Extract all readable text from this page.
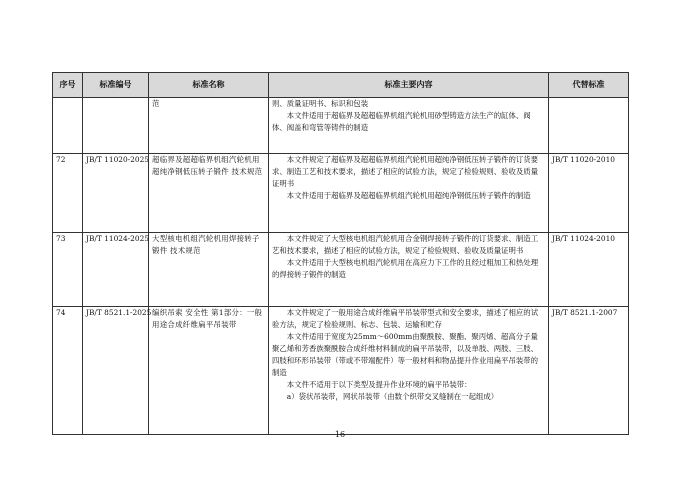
序号	标准编号	标准名称	标准主要内容	代替标准
		范	则、质量证明书、标识和包装

本文件适用于超临界及超超临界机组汽轮机用砂型铸造方法生产的缸体、阀体、阀盖和弯管等铸件的制造	

72	JB/T 11020-2025	超临界及超超临界机组汽轮机用超纯净钢低压转子锻件 技术规范	本文件规定了超临界及超超临界机组汽轮机用超纯净钢低压转子锻件的订货要求、制造工艺和技术要求，描述了相应的试验方法，规定了检验规则、验收及质量证明书

本文件适用于超临界及超超临界机组汽轮机用超纯净钢低压转子锻件的制造	JB/T 11020-2010
73	JB/T 11024-2025	大型核电机组汽轮机用焊接转子锻件 技术规范	本文件规定了大型核电机组汽轮机用合金钢焊接转子锻件的订货要求、制造工艺和技术要求，描述了相应的试验方法，规定了检验规则、验收及质量证明书

本文件适用于大型核电机组汽轮机用在高应力下工作的且经过粗加工和热处理的焊接转子锻件的制造	JB/T 11024-2010
74	JB/T 8521.1-2025	编织吊索 安全性 第1部分：一般用途合成纤维扁平吊装带	本文件规定了一般用途合成纤维扁平吊装带型式和安全要求，描述了相应的试验方法，规定了检验规则、标志、包装、运输和贮存

本文件适用于宽度为25mm～600mm由聚酰胺、聚酯、聚丙烯、超高分子量聚乙烯和芳香族聚酰胺合成纤维材料制成的扁平吊装带，以及单肢、两肢、三肢、四肢和环形吊装带（带或不带端配件）等一般材料和物品提升作业用扁平吊装带的制造

本文件不适用于以下类型及提升作业环境的扁平吊装带：

a）袋状吊装带，网状吊装带（由数个织带交叉缝制在一起组成）	JB/T 8521.1-2007
16
